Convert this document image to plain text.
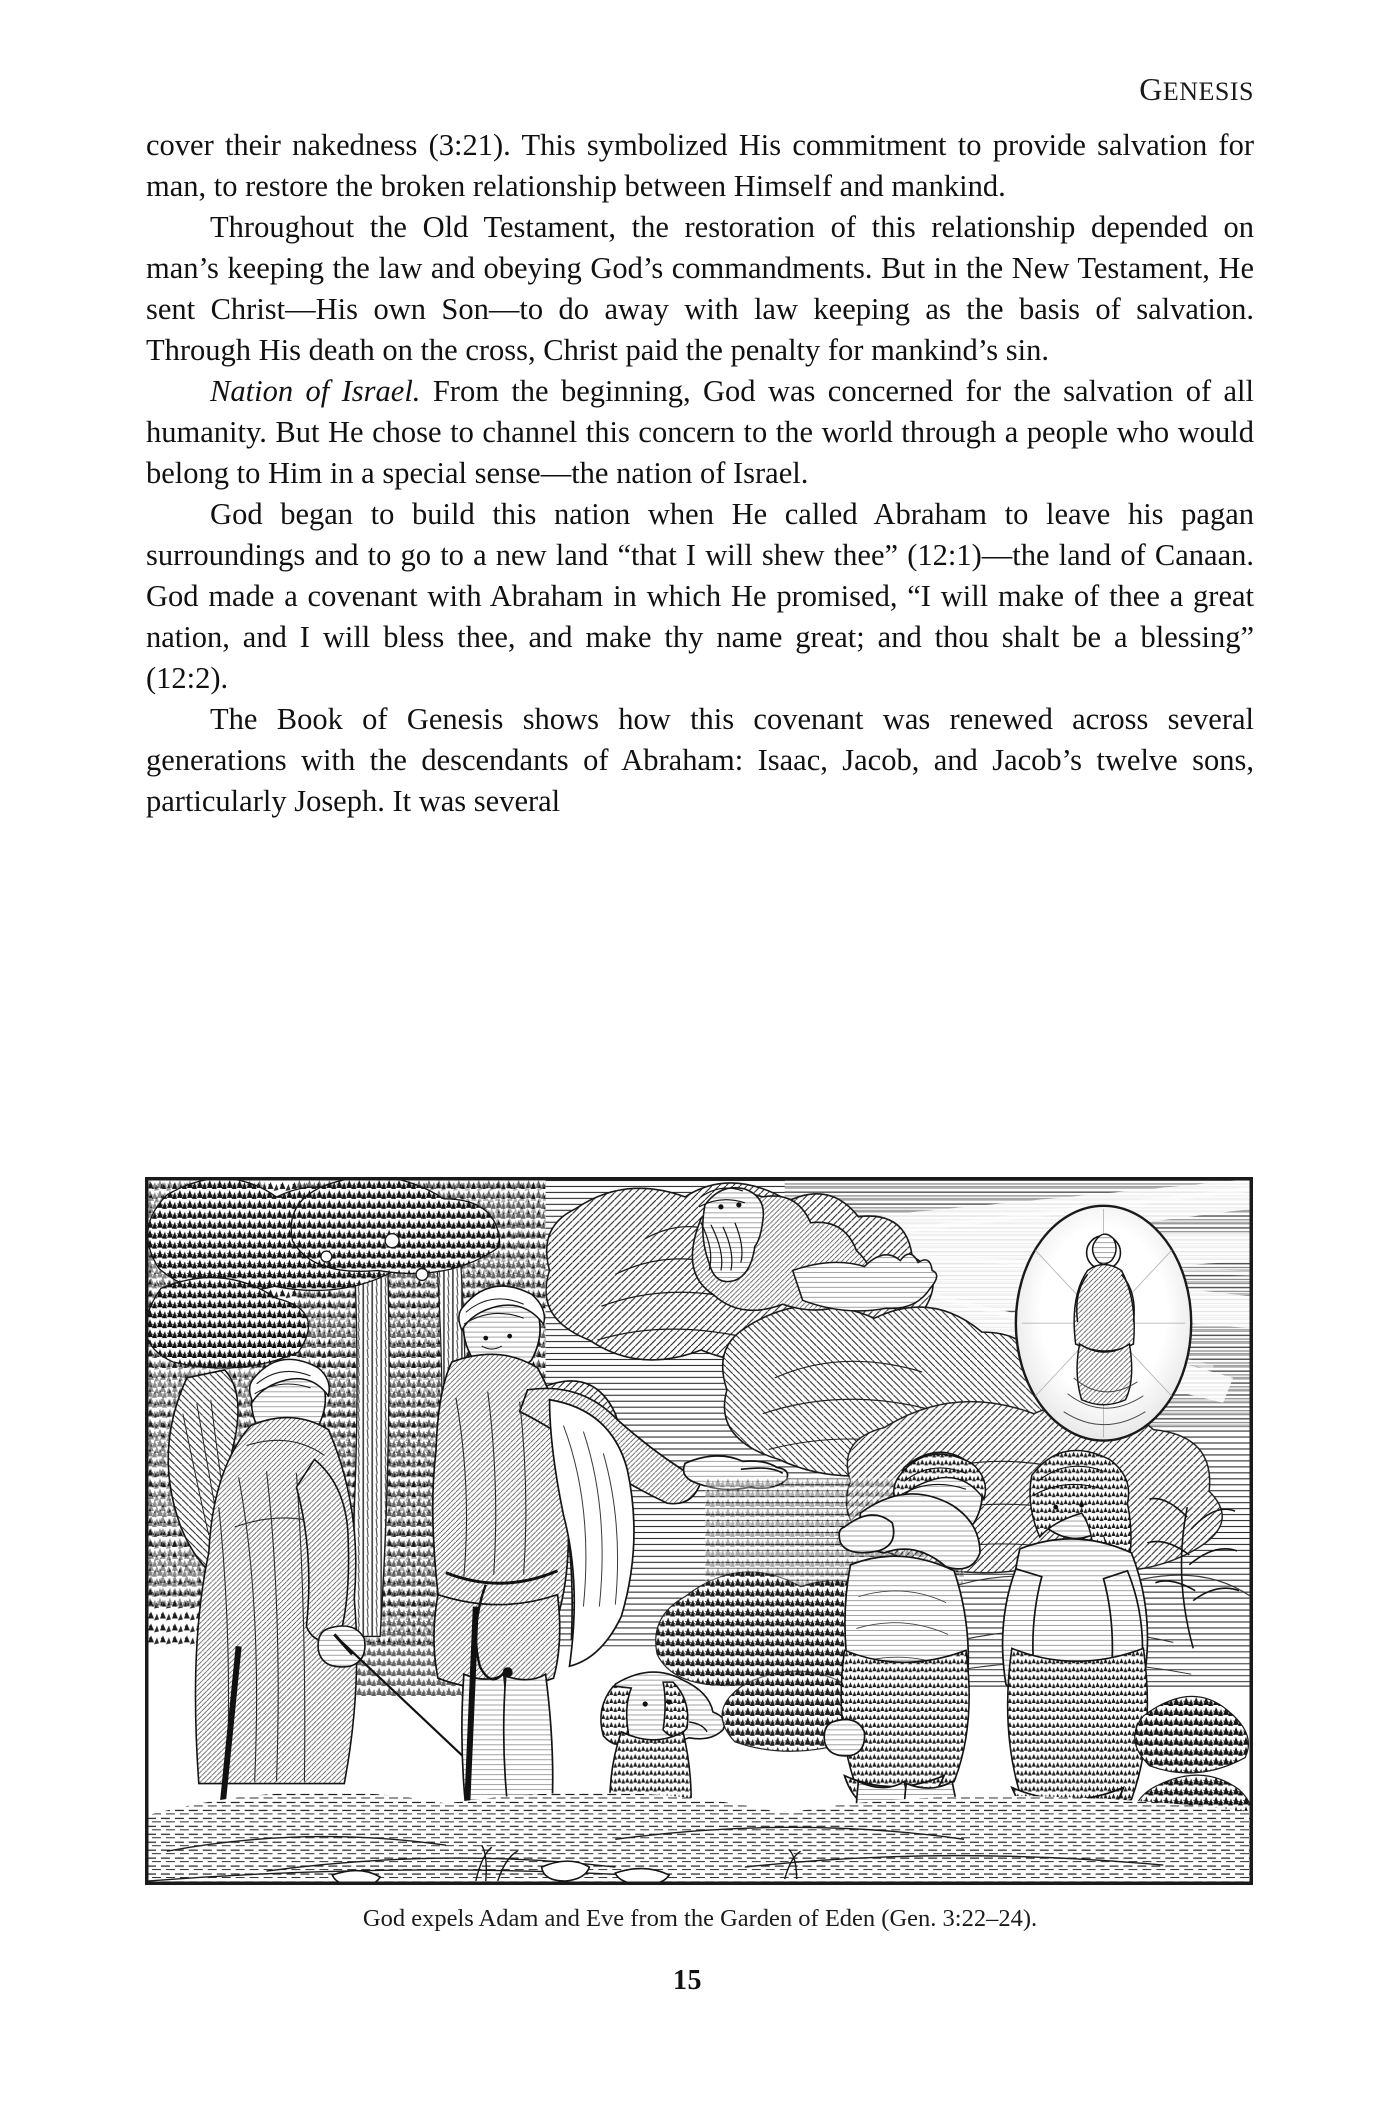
GENESIS

cover their nakedness (3:21). This symbolized His commitment to provide salvation for man, to restore the broken relationship between Himself and mankind.

Throughout the Old Testament, the restoration of this relationship depended on man’s keeping the law and obeying God’s commandments. But in the New Testament, He sent Christ—His own Son—to do away with law keeping as the basis of salvation. Through His death on the cross, Christ paid the penalty for mankind’s sin.

Nation of Israel. From the beginning, God was concerned for the salvation of all humanity. But He chose to channel this concern to the world through a people who would belong to Him in a special sense—the nation of Israel.

God began to build this nation when He called Abraham to leave his pagan surroundings and to go to a new land “that I will shew thee” (12:1)—the land of Canaan. God made a covenant with Abraham in which He promised, “I will make of thee a great nation, and I will bless thee, and make thy name great; and thou shalt be a blessing” (12:2).

The Book of Genesis shows how this covenant was renewed across several generations with the descendants of Abraham: Isaac, Jacob, and Jacob’s twelve sons, particularly Joseph. It was several

God expels Adam and Eve from the Garden of Eden (Gen. 3:22–24).
15
